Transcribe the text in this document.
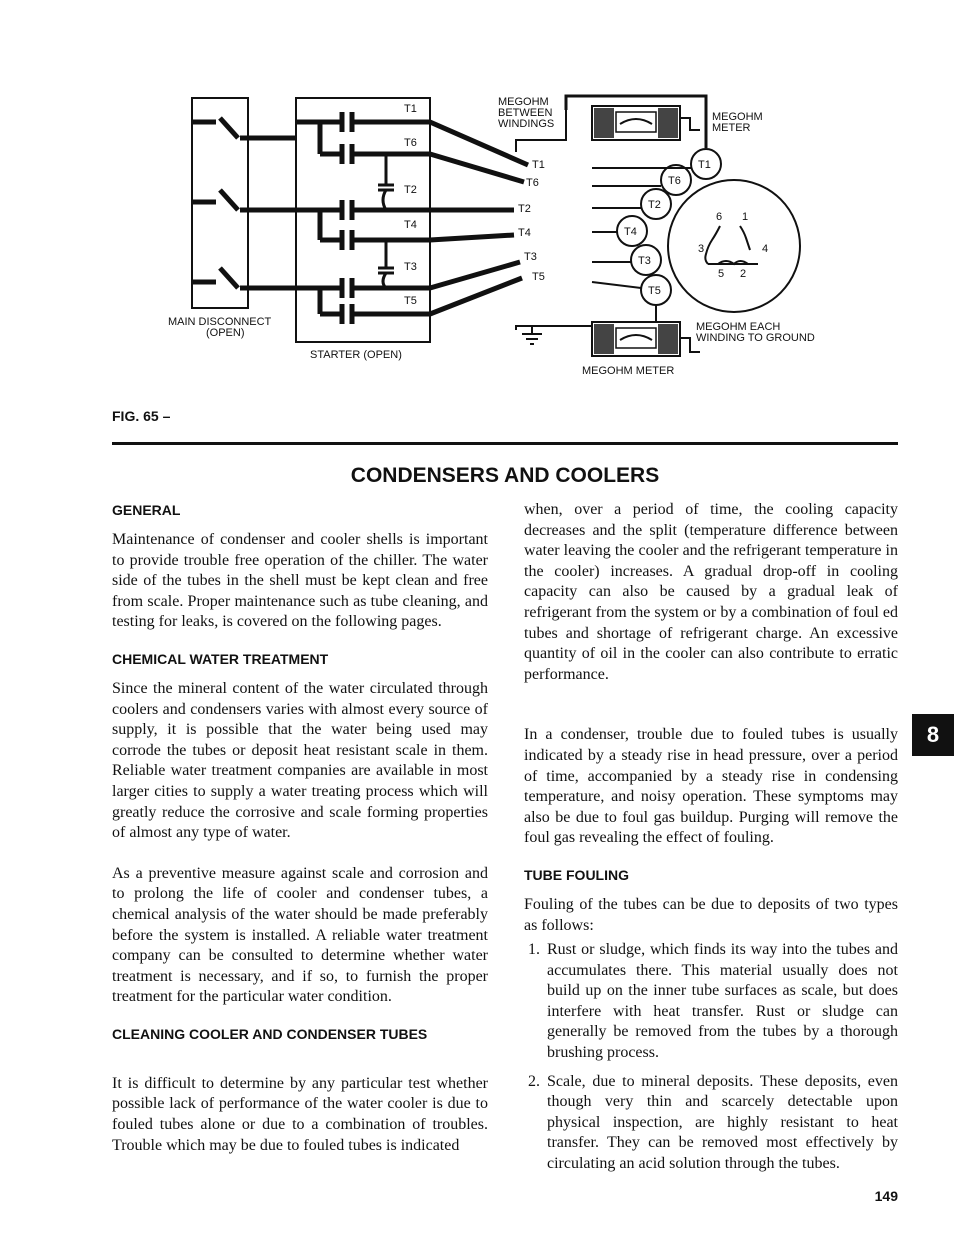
T1
T6
T2
T4
T3
T5
T1
T6
T2
T4
T3
T5
MAIN DISCONNECT
(OPEN)
STARTER (OPEN)
MEGOHM
BETWEEN
WINDINGS
MEGOHM
METER
T1
T6
T2
T4
T3
T5
6 1
3	4
5 2
MEGOHM EACH
WINDING TO GROUND
MEGOHM METER
FIG. 65 –
CONDENSERS AND COOLERS
GENERAL

Maintenance of condenser and cooler shells is important to provide trouble free operation of the chiller. The water side of the tubes in the shell must be kept clean and free from scale. Proper maintenance such as tube cleaning, and testing for leaks, is covered on the following pages.

CHEMICAL WATER TREATMENT

Since the mineral content of the water circulated through coolers and condensers varies with almost every source of supply, it is possible that the water being used may corrode the tubes or deposit heat resistant scale in them. Reliable water treatment companies are available in most larger cities to supply a water treating process which will greatly reduce the corrosive and scale forming properties of almost any type of water.

As a preventive measure against scale and corrosion and to prolong the life of cooler and condenser tubes, a chemical analysis of the water should be made preferably before the system is installed. A reliable water treatment company can be consulted to determine whether water treatment is necessary, and if so, to furnish the proper treatment for the particular water condition.

CLEANING COOLER AND CONDENSER TUBES

It is difficult to determine by any particular test whether possible lack of performance of the water cooler is due to fouled tubes alone or due to a combination of troubles. Trouble which may be due to fouled tubes is indicated

when, over a period of time, the cooling capacity decreases and the split (temperature difference between water leaving the cooler and the refrigerant temperature in the cooler) increases. A gradual drop-off in cooling capacity can also be caused by a gradual leak of refrigerant from the system or by a combination of foul ed tubes and shortage of refrigerant charge. An excessive quantity of oil in the cooler can also contribute to erratic performance.

In a condenser, trouble due to fouled tubes is usually indicated by a steady rise in head pressure, over a period of time, accompanied by a steady rise in condensing temperature, and noisy operation. These symptoms may also be due to foul gas buildup. Purging will remove the foul gas revealing the effect of fouling.

TUBE FOULING

Fouling of the tubes can be due to deposits of two types as follows:

1. Rust or sludge, which finds its way into the tubes and accumulates there. This material usually does not build up on the inner tube surfaces as scale, but does interfere with heat transfer. Rust or sludge can generally be removed from the tubes by a thorough brushing process.
2. Scale, due to mineral deposits. These deposits, even though very thin and scarcely detectable upon physical inspection, are highly resistant to heat transfer. They can be removed most effectively by circulating an acid solution through the tubes.
8
149
